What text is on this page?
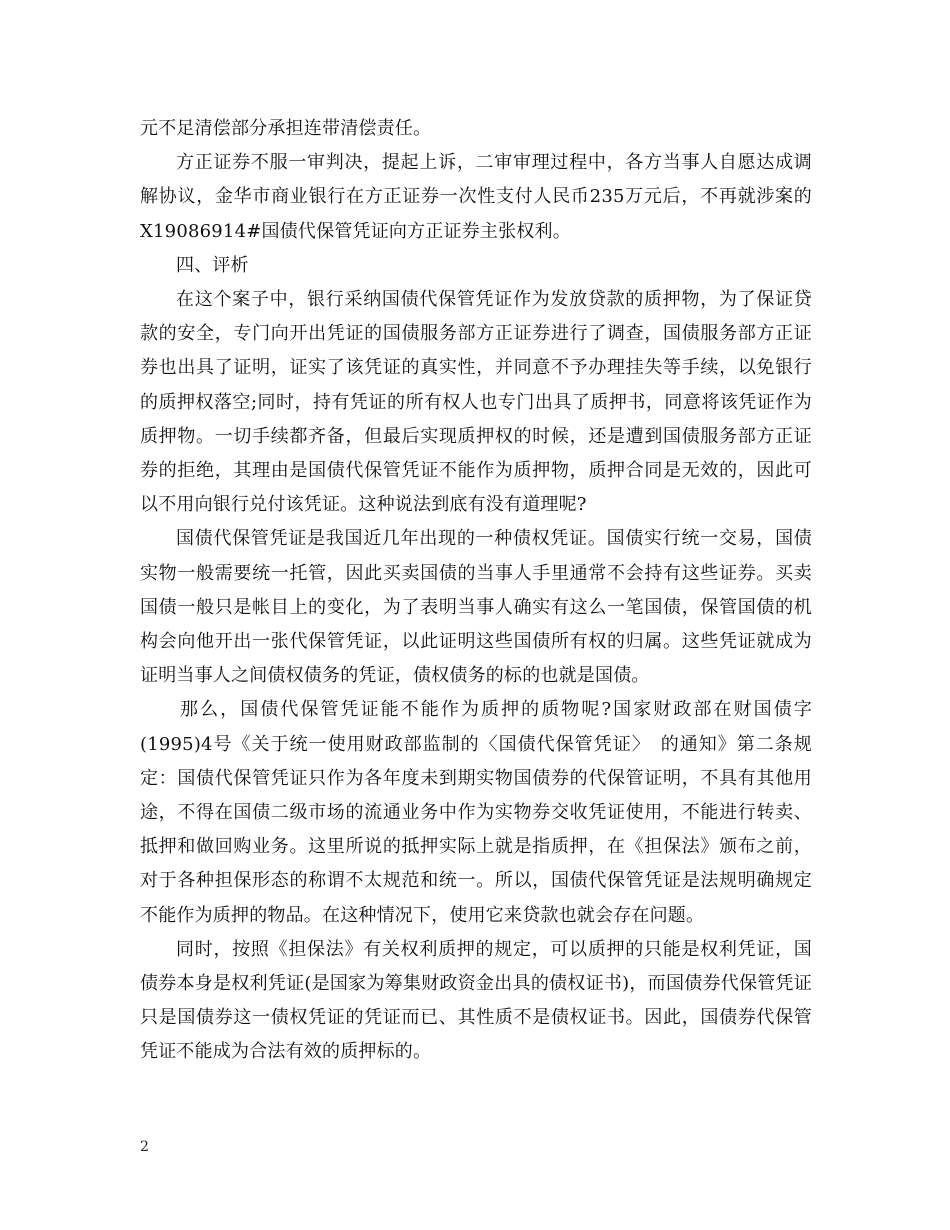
元不足清偿部分承担连带清偿责任。

方正证券不服一审判决，提起上诉，二审审理过程中，各方当事人自愿达成调解协议，金华市商业银行在方正证券一次性支付人民币235万元后，不再就涉案的X19086914#国债代保管凭证向方正证券主张权利。

四、评析

在这个案子中，银行采纳国债代保管凭证作为发放贷款的质押物，为了保证贷款的安全，专门向开出凭证的国债服务部方正证券进行了调查，国债服务部方正证券也出具了证明，证实了该凭证的真实性，并同意不予办理挂失等手续，以免银行的质押权落空;同时，持有凭证的所有权人也专门出具了质押书，同意将该凭证作为质押物。一切手续都齐备，但最后实现质押权的时候，还是遭到国债服务部方正证券的拒绝，其理由是国债代保管凭证不能作为质押物，质押合同是无效的，因此可以不用向银行兑付该凭证。这种说法到底有没有道理呢?

国债代保管凭证是我国近几年出现的一种债权凭证。国债实行统一交易，国债实物一般需要统一托管，因此买卖国债的当事人手里通常不会持有这些证券。买卖国债一般只是帐目上的变化，为了表明当事人确实有这么一笔国债，保管国债的机构会向他开出一张代保管凭证，以此证明这些国债所有权的归属。这些凭证就成为证明当事人之间债权债务的凭证，债权债务的标的也就是国债。

那么，国债代保管凭证能不能作为质押的质物呢?国家财政部在财国债字(1995)4号《关于统一使用财政部监制的〈国债代保管凭证〉　的通知》第二条规定：国债代保管凭证只作为各年度未到期实物国债券的代保管证明，不具有其他用途，不得在国债二级市场的流通业务中作为实物券交收凭证使用，不能进行转卖、抵押和做回购业务。这里所说的抵押实际上就是指质押，在《担保法》颁布之前，对于各种担保形态的称谓不太规范和统一。所以，国债代保管凭证是法规明确规定不能作为质押的物品。在这种情况下，使用它来贷款也就会存在问题。

同时，按照《担保法》有关权利质押的规定，可以质押的只能是权利凭证，国债券本身是权利凭证(是国家为筹集财政资金出具的债权证书)，而国债券代保管凭证只是国债券这一债权凭证的凭证而已、其性质不是债权证书。因此，国债券代保管凭证不能成为合法有效的质押标的。

2
